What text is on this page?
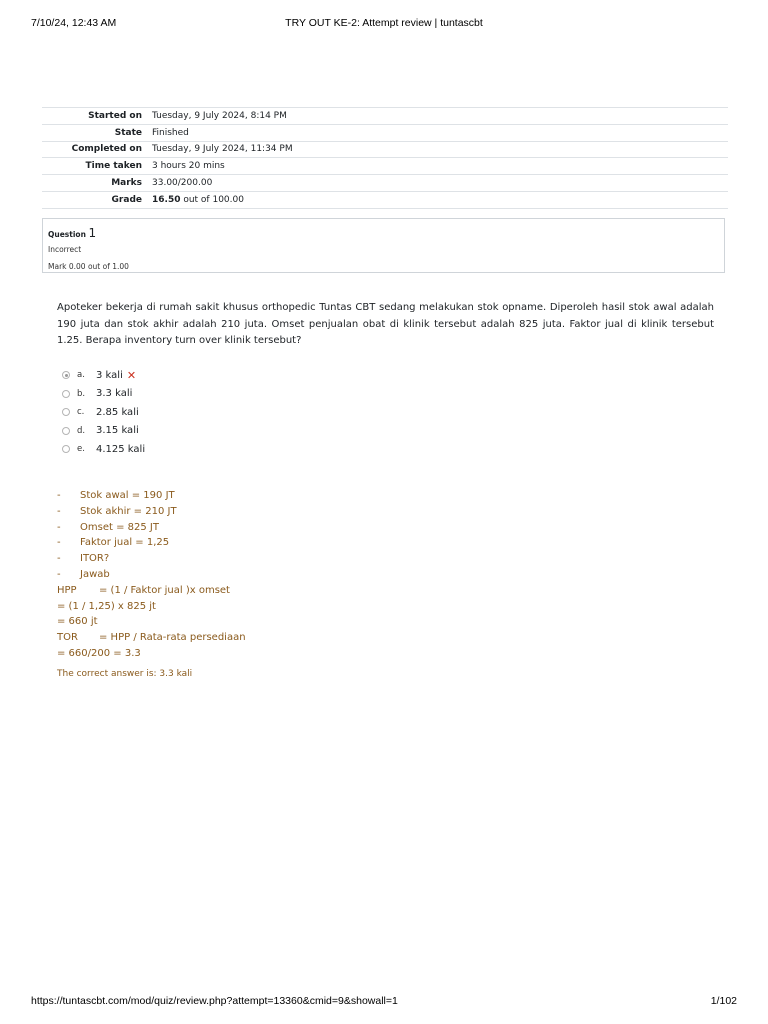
7/10/24, 12:43 AM	TRY OUT KE-2: Attempt review | tuntascbt
Started on	Tuesday, 9 July 2024, 8:14 PM
State	Finished
Completed on	Tuesday, 9 July 2024, 11:34 PM
Time taken	3 hours 20 mins
Marks	33.00/200.00
Grade	16.50 out of 100.00
Question 1
Incorrect
Mark 0.00 out of 1.00
Apoteker bekerja di rumah sakit khusus orthopedic Tuntas CBT sedang melakukan stok opname. Diperoleh hasil stok awal adalah 190 juta dan stok akhir adalah 210 juta. Omset penjualan obat di klinik tersebut adalah 825 juta. Faktor jual di klinik tersebut 1.25. Berapa inventory turn over klinik tersebut?
a.	3 kali ✕
b.	3.3 kali
c.	2.85 kali
d.	3.15 kali
e.	4.125 kali
- Stok awal = 190 JT
- Stok akhir = 210 JT
- Omset = 825 JT
- Faktor jual = 1,25
- ITOR?
- Jawab
HPP = (1 / Faktor jual )x omset
= (1 / 1,25) x 825 jt
= 660 jt
TOR = HPP / Rata-rata persediaan
= 660/200 = 3.3
The correct answer is: 3.3 kali
https://tuntascbt.com/mod/quiz/review.php?attempt=13360&cmid=9&showall=1	1/102
